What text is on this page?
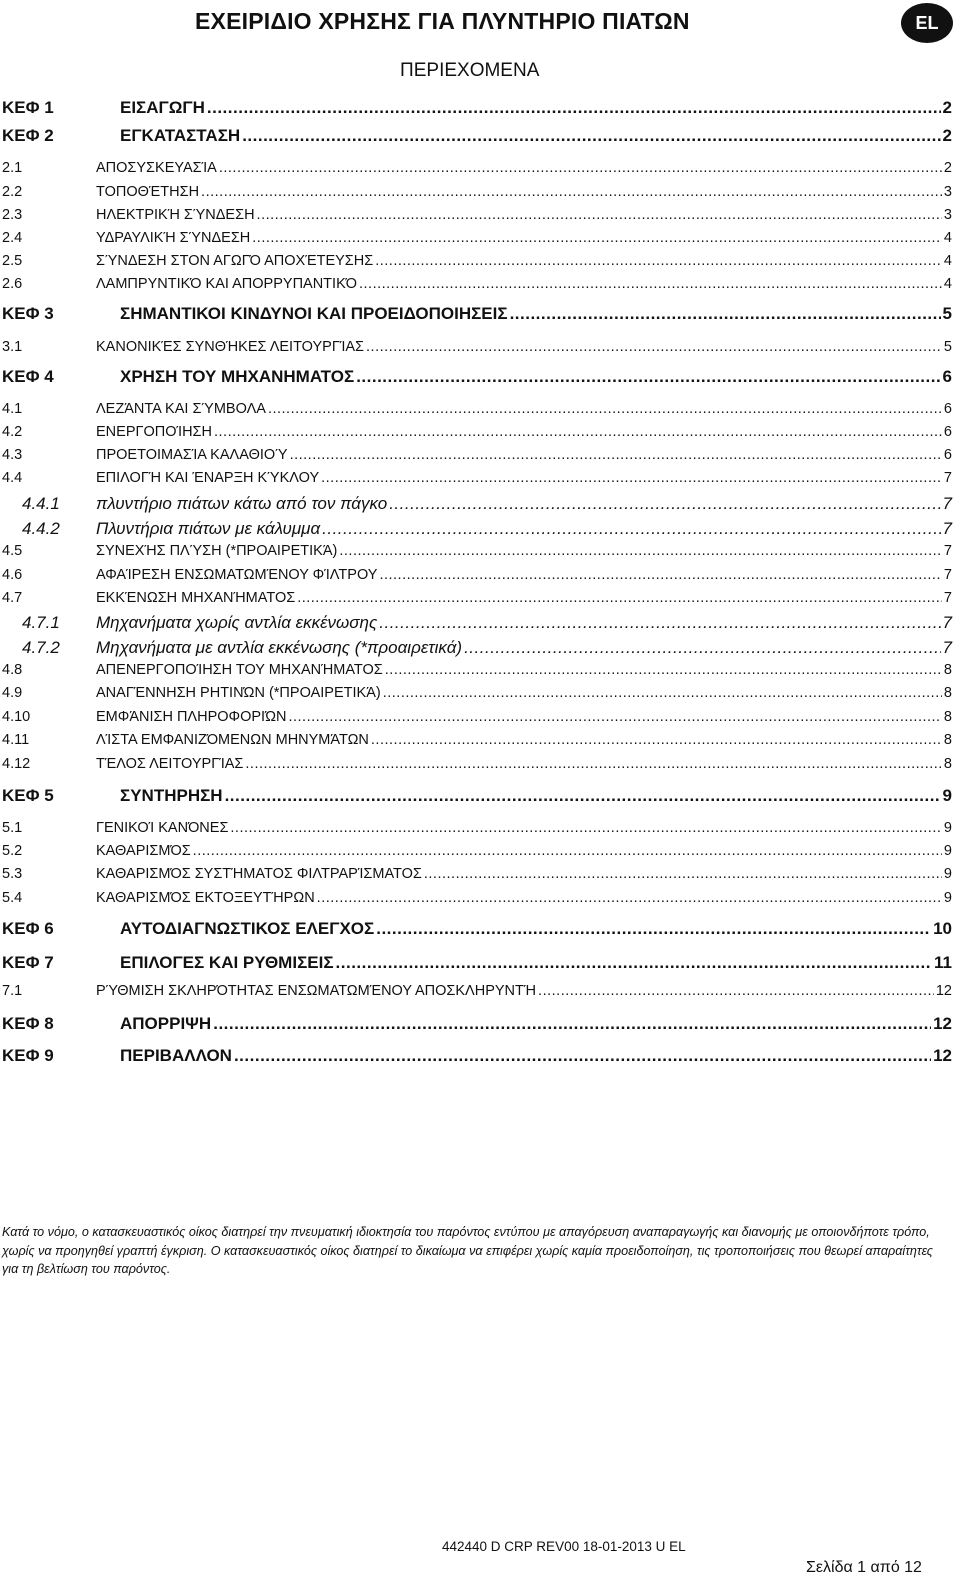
ΕΧΕΙΡΙΔΙΟ ΧΡΗΣΗΣ ΓΙΑ ΠΛΥΝΤΗΡΙΟ ΠΙΑΤΩΝ	EL
ΠΕΡΙΕΧΟΜΕΝΑ
ΚΕΦ 1	ΕΙΣΑΓΩΓΗ .....	2
ΚΕΦ 2	ΕΓΚΑΤΑΣΤΑΣΗ .....	2
2.1	ΑΠΟΣΥΣΚΕΥΑΣΊΑ .....	2
2.2	ΤΟΠΟΘΈΤΗΣΗ .....	3
2.3	ΗΛΕΚΤΡΙΚΉ ΣΎΝΔΕΣΗ .....	3
2.4	ΥΔΡΑΥΛΙΚΉ ΣΎΝΔΕΣΗ .....	4
2.5	ΣΎΝΔΕΣΗ ΣΤΟΝ ΑΓΩΓΌ ΑΠΟΧΈΤΕΥΣΗΣ .....	4
2.6	ΛΑΜΠΡΥΝΤΙΚΌ ΚΑΙ ΑΠΟΡΡΥΠΑΝΤΙΚΌ .....	4
ΚΕΦ 3	ΣΗΜΑΝΤΙΚΟΙ ΚΙΝΔΥΝΟΙ ΚΑΙ ΠΡΟΕΙΔΟΠΟΙΗΣΕΙΣ .....	5
3.1	ΚΑΝΟΝΙΚΈΣ ΣΥΝΘΉΚΕΣ ΛΕΙΤΟΥΡΓΊΑΣ .....	5
ΚΕΦ 4	ΧΡΗΣΗ ΤΟΥ ΜΗΧΑΝΗΜΑΤΟΣ .....	6
4.1	ΛΕΖΆΝΤΑ ΚΑΙ ΣΎΜΒΟΛΑ .....	6
4.2	ΕΝΕΡΓΟΠΟΊΗΣΗ .....	6
4.3	ΠΡΟΕΤΟΙΜΑΣΊΑ ΚΑΛΑΘΙΟΎ .....	6
4.4	ΕΠΙΛΟΓΉ ΚΑΙ ΈΝΑΡΞΗ ΚΎΚΛΟΥ .....	7
4.4.1 πλυντήριο πιάτων κάτω από τον πάγκο .....	7
4.4.2 Πλυντήρια πιάτων με κάλυμμα .....	7
4.5	ΣΥΝΕΧΉΣ ΠΛΎΣΗ (*ΠΡΟΑΙΡΕΤΙΚΆ) .....	7
4.6	ΑΦΑΊΡΕΣΗ ΕΝΣΩΜΑΤΩΜΈΝΟΥ ΦΊΛΤΡΟΥ .....	7
4.7	ΕΚΚΈΝΩΣΗ ΜΗΧΑΝΉΜΑΤΟΣ .....	7
4.7.1 Μηχανήματα χωρίς αντλία εκκένωσης .....	7
4.7.2 Μηχανήματα με αντλία εκκένωσης (*προαιρετικά) .....	7
4.8	ΑΠΕΝΕΡΓΟΠΟΊΗΣΗ ΤΟΥ ΜΗΧΑΝΉΜΑΤΟΣ .....	8
4.9	ΑΝΑΓΈΝΝΗΣΗ ΡΗΤΙΝΏΝ (*ΠΡΟΑΙΡΕΤΙΚΆ) .....	8
4.10	ΕΜΦΆΝΙΣΗ ΠΛΗΡΟΦΟΡΙΏΝ .....	8
4.11	ΛΊΣΤΑ ΕΜΦΑΝΙΖΌΜΕΝΩΝ ΜΗΝΥΜΆΤΩΝ .....	8
4.12	ΤΈΛΟΣ ΛΕΙΤΟΥΡΓΊΑΣ .....	8
ΚΕΦ 5	ΣΥΝΤΗΡΗΣΗ .....	9
5.1	ΓΕΝΙΚΟΊ ΚΑΝΌΝΕΣ .....	9
5.2	ΚΑΘΑΡΙΣΜΌΣ .....	9
5.3	ΚΑΘΑΡΙΣΜΌΣ ΣΥΣΤΉΜΑΤΟΣ ΦΙΛΤΡΑΡΊΣΜΑΤΟΣ .....	9
5.4	ΚΑΘΑΡΙΣΜΌΣ ΕΚΤΟΞΕΥΤΉΡΩΝ .....	9
ΚΕΦ 6	ΑΥΤΟΔΙΑΓΝΩΣΤΙΚΟΣ ΕΛΕΓΧΟΣ .....	10
ΚΕΦ 7	ΕΠΙΛΟΓΕΣ ΚΑΙ ΡΥΘΜΙΣΕΙΣ .....	11
7.1	ΡΎΘΜΙΣΗ ΣΚΛΗΡΌΤΗΤΑΣ ΕΝΣΩΜΑΤΩΜΈΝΟΥ ΑΠΟΣΚΛΗΡΥΝΤΉ .....	12
ΚΕΦ 8	ΑΠΟΡΡΙΨΗ .....	12
ΚΕΦ 9	ΠΕΡΙΒΑΛΛΟΝ .....	12
Κατά το νόμο, ο κατασκευαστικός οίκος διατηρεί την πνευματική ιδιοκτησία του παρόντος εντύπου με απαγόρευση αναπαραγωγής και διανομής με οποιονδήποτε τρόπο, χωρίς να προηγηθεί γραπτή έγκριση. Ο κατασκευαστικός οίκος διατηρεί το δικαίωμα να επιφέρει χωρίς καμία προειδοποίηση, τις τροποποιήσεις που θεωρεί απαραίτητες για τη βελτίωση του παρόντος.
442440 D CRP REV00 18-01-2013 U EL
Σελίδα 1 από 12
